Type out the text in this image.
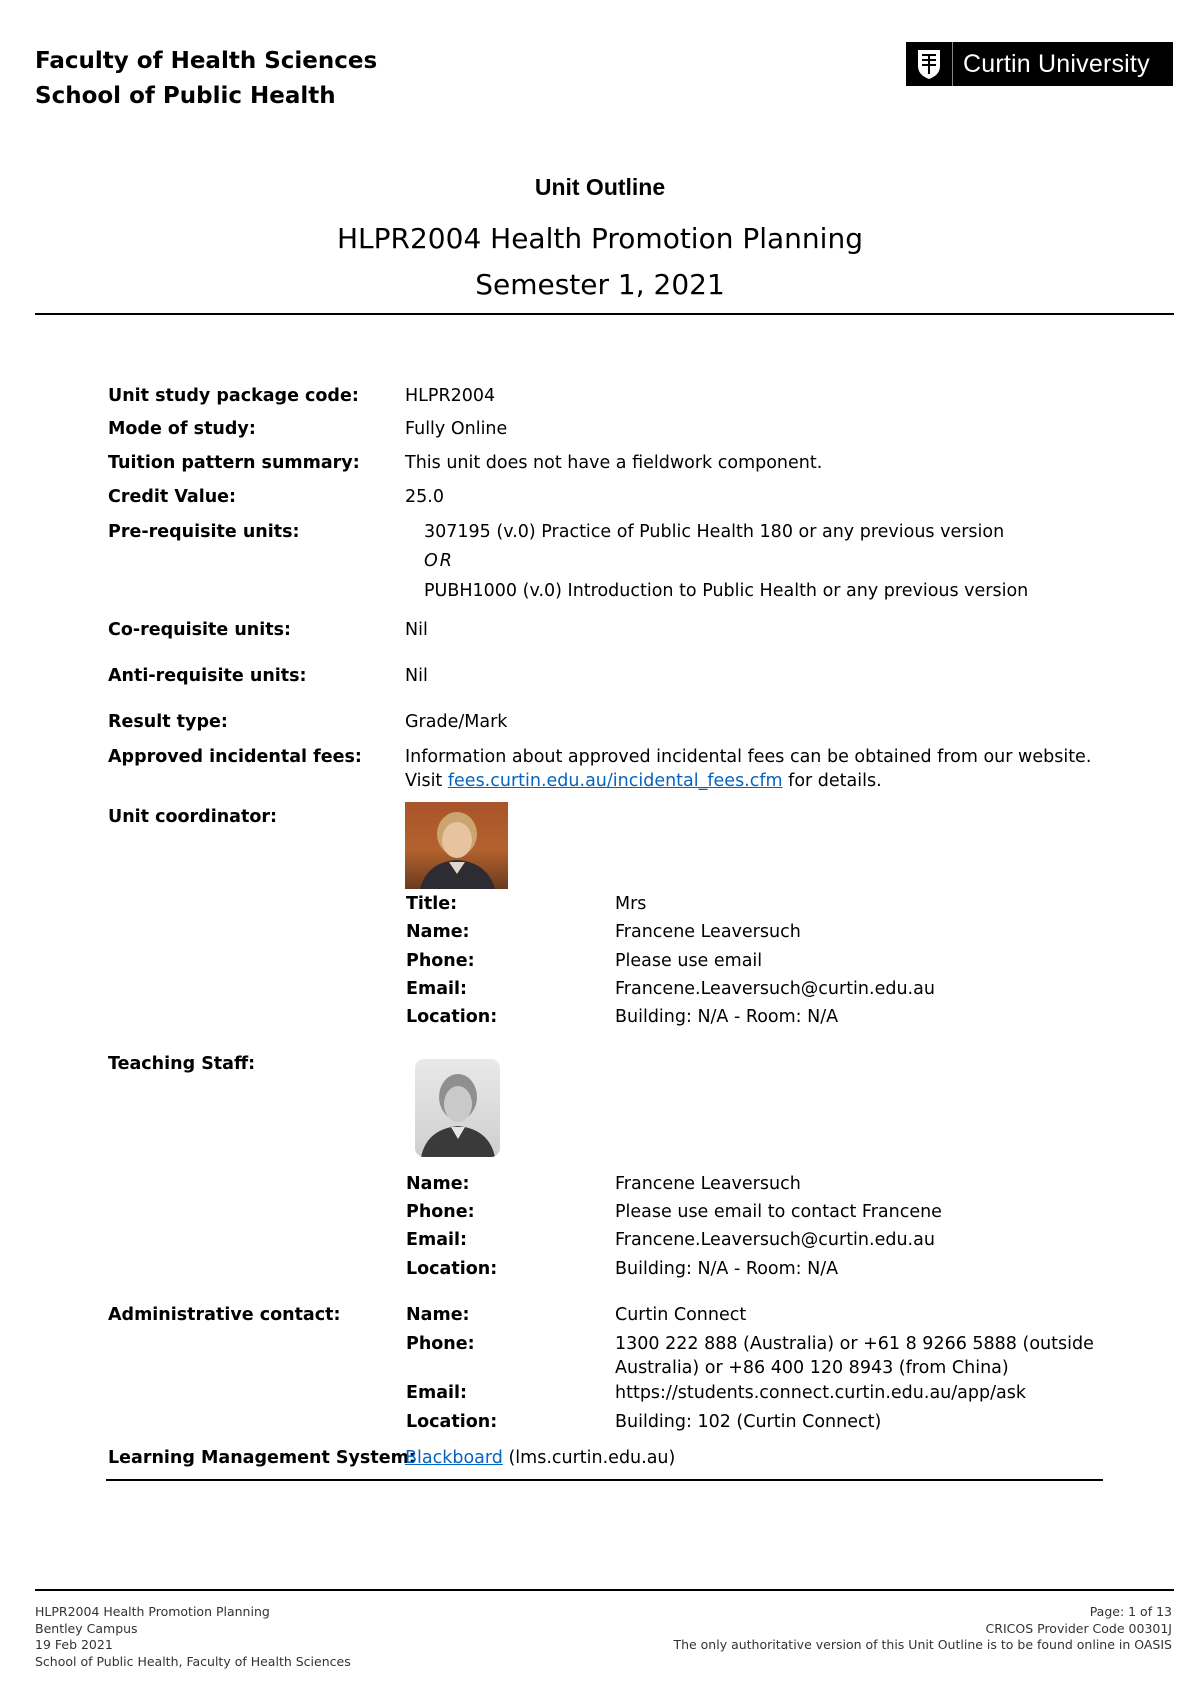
Faculty of Health Sciences
School of Public Health
Curtin University
Unit Outline
HLPR2004 Health Promotion Planning
Semester 1, 2021
Unit study package code:	HLPR2004
Mode of study:	Fully Online
Tuition pattern summary:	This unit does not have a fieldwork component.
Credit Value:	25.0
Pre-requisite units:	307195 (v.0) Practice of Public Health 180 or any previous version
OR
PUBH1000 (v.0) Introduction to Public Health or any previous version
Co-requisite units:	Nil
Anti-requisite units:	Nil
Result type:	Grade/Mark
Approved incidental fees: Information about approved incidental fees can be obtained from our website.
Visit fees.curtin.edu.au/incidental_fees.cfm for details.
Unit coordinator:
Title:	Mrs
Name:	Francene Leaversuch
Phone:	Please use email
Email:	Francene.Leaversuch@curtin.edu.au
Location:	Building: N/A - Room: N/A
Teaching Staff:
Name:	Francene Leaversuch
Phone:	Please use email to contact Francene
Email:	Francene.Leaversuch@curtin.edu.au
Location:	Building: N/A - Room: N/A
Administrative contact:	Name:	Curtin Connect
Phone:	1300 222 888 (Australia) or +61 8 9266 5888 (outside
Australia) or +86 400 120 8943 (from China)
Email:	https://students.connect.curtin.edu.au/app/ask
Location:	Building: 102 (Curtin Connect)
Learning Management System:
Blackboard (lms.curtin.edu.au)
HLPR2004 Health Promotion Planning
Bentley Campus
19 Feb 2021
School of Public Health, Faculty of Health Sciences
Page: 1 of 13
CRICOS Provider Code 00301J
The only authoritative version of this Unit Outline is to be found online in OASIS
